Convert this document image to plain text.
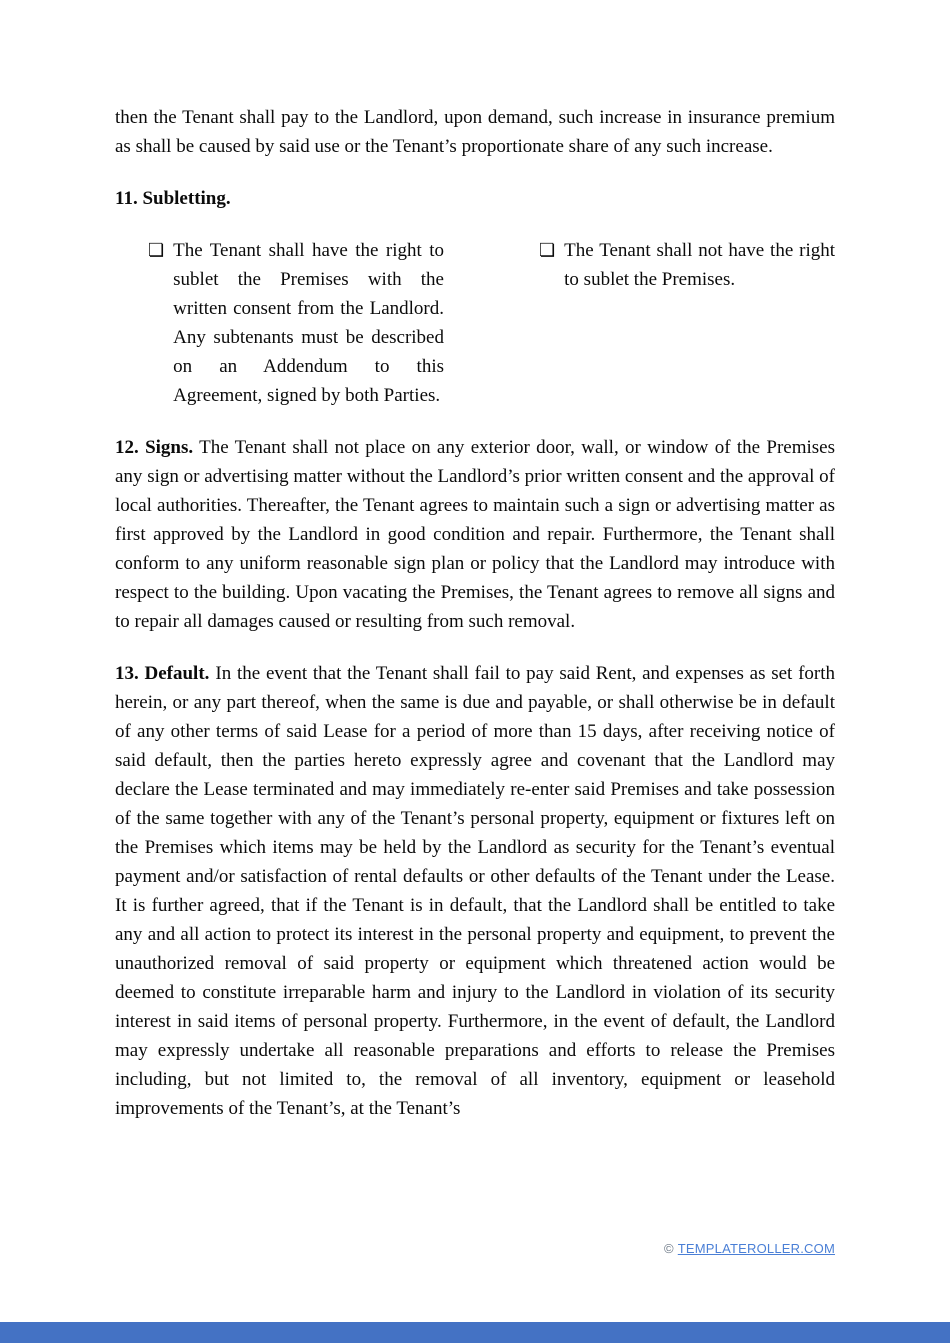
then the Tenant shall pay to the Landlord, upon demand, such increase in insurance premium as shall be caused by said use or the Tenant’s proportionate share of any such increase.

11. Subletting.
❏ The Tenant shall have the right to sublet the Premises with the written consent from the Landlord. Any subtenants must be described on an Addendum to this Agreement, signed by both Parties.
❏ The Tenant shall not have the right to sublet the Premises.

12. Signs. The Tenant shall not place on any exterior door, wall, or window of the Premises any sign or advertising matter without the Landlord’s prior written consent and the approval of local authorities. Thereafter, the Tenant agrees to maintain such a sign or advertising matter as first approved by the Landlord in good condition and repair. Furthermore, the Tenant shall conform to any uniform reasonable sign plan or policy that the Landlord may introduce with respect to the building. Upon vacating the Premises, the Tenant agrees to remove all signs and to repair all damages caused or resulting from such removal.

13. Default. In the event that the Tenant shall fail to pay said Rent, and expenses as set forth herein, or any part thereof, when the same is due and payable, or shall otherwise be in default of any other terms of said Lease for a period of more than 15 days, after receiving notice of said default, then the parties hereto expressly agree and covenant that the Landlord may declare the Lease terminated and may immediately re-enter said Premises and take possession of the same together with any of the Tenant’s personal property, equipment or fixtures left on the Premises which items may be held by the Landlord as security for the Tenant’s eventual payment and/or satisfaction of rental defaults or other defaults of the Tenant under the Lease. It is further agreed, that if the Tenant is in default, that the Landlord shall be entitled to take any and all action to protect its interest in the personal property and equipment, to prevent the unauthorized removal of said property or equipment which threatened action would be deemed to constitute irreparable harm and injury to the Landlord in violation of its security interest in said items of personal property. Furthermore, in the event of default, the Landlord may expressly undertake all reasonable preparations and efforts to release the Premises including, but not limited to, the removal of all inventory, equipment or leasehold improvements of the Tenant’s, at the Tenant’s

© TEMPLATEROLLER.COM
